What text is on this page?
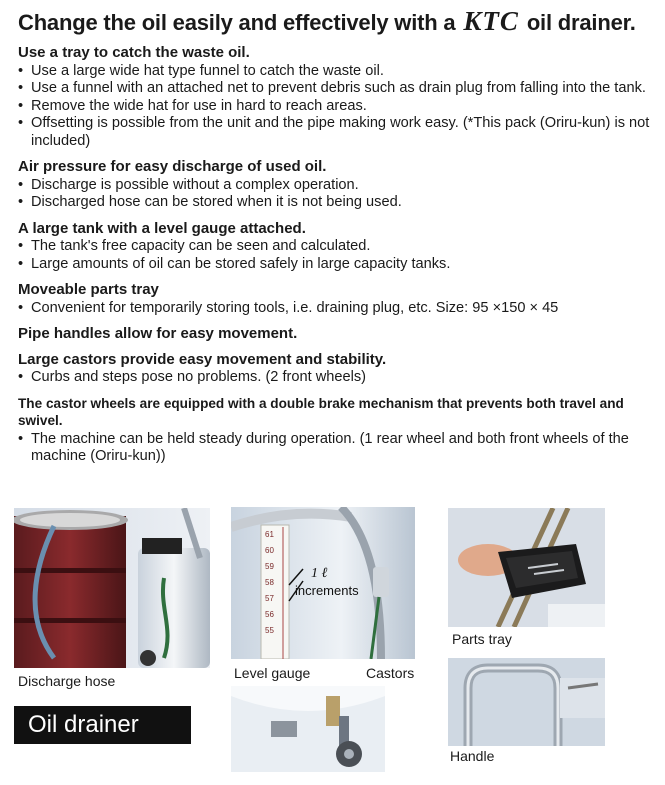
Change the oil easily and effectively with a KTC oil drainer.
Use a tray to catch the waste oil.
• Use a large wide hat type funnel to catch the waste oil.
• Use a funnel with an attached net to prevent debris such as drain plug from falling into the tank.
• Remove the wide hat for use in hard to reach areas.
• Offsetting is possible from the unit and the pipe making work easy. (*This pack (Oriru-kun) is not included)
Air pressure for easy discharge of used oil.
• Discharge is possible without a complex operation.
• Discharged hose can be stored when it is not being used.
A large tank with a level gauge attached.
• The tank's free capacity can be seen and calculated.
• Large amounts of oil can be stored safely in large capacity tanks.
Moveable parts tray
• Convenient for temporarily storing tools, i.e. draining plug, etc. Size: 95 ×150 × 45
Pipe handles allow for easy movement.
Large castors provide easy movement and stability.
• Curbs and steps pose no problems. (2 front wheels)
The castor wheels are equipped with a double brake mechanism that prevents both travel and swivel.
• The machine can be held steady during operation. (1 rear wheel and both front wheels of the machine (Oriru-kun))
Discharge hose
61
60
59
58
57
56
55
1 ℓ
increments
Level gauge	Castors
Parts tray
Handle
Oil drainer
